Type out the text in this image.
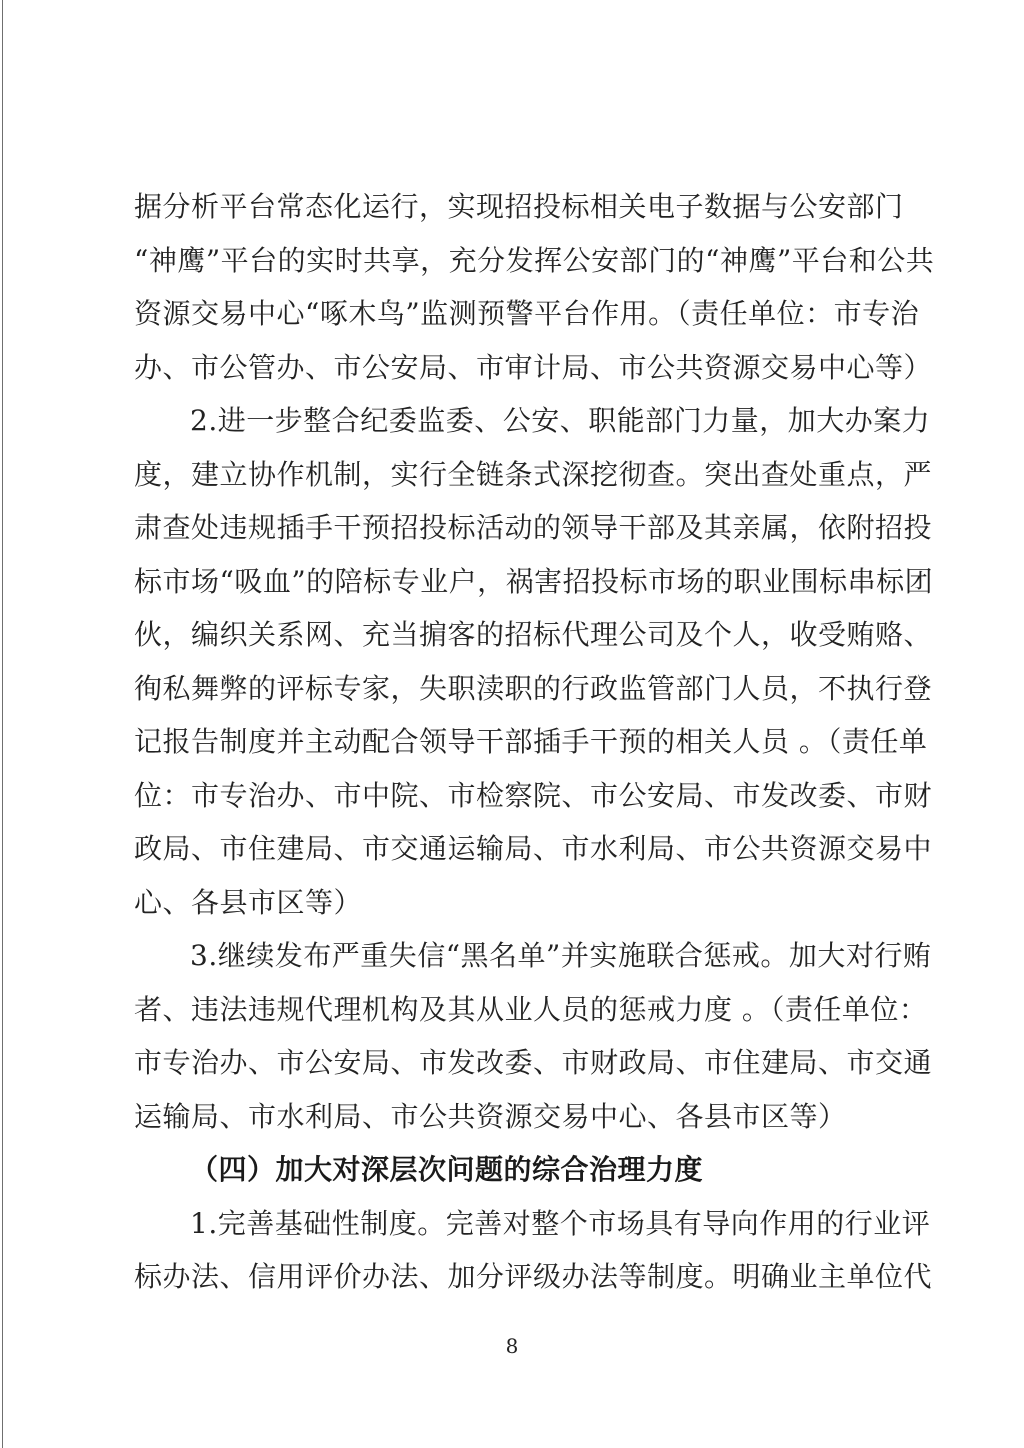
据分析平台常态化运行，实现招投标相关电子数据与公安部门
“神鹰”平台的实时共享，充分发挥公安部门的“神鹰”平台和公共
资源交易中心“啄木鸟”监测预警平台作用。（责任单位：市专治
办、市公管办、市公安局、市审计局、市公共资源交易中心等）
2.进一步整合纪委监委、公安、职能部门力量，加大办案力
度，建立协作机制，实行全链条式深挖彻查。突出查处重点，严
肃查处违规插手干预招投标活动的领导干部及其亲属，依附招投
标市场“吸血”的陪标专业户，祸害招投标市场的职业围标串标团
伙，编织关系网、充当掮客的招标代理公司及个人，收受贿赂、
徇私舞弊的评标专家，失职渎职的行政监管部门人员，不执行登
记报告制度并主动配合领导干部插手干预的相关人员 。（责任单
位：市专治办、市中院、市检察院、市公安局、市发改委、市财
政局、市住建局、市交通运输局、市水利局、市公共资源交易中
心、各县市区等）
3.继续发布严重失信“黑名单”并实施联合惩戒。加大对行贿
者、违法违规代理机构及其从业人员的惩戒力度 。（责任单位：
市专治办、市公安局、市发改委、市财政局、市住建局、市交通
运输局、市水利局、市公共资源交易中心、各县市区等）
（四）加大对深层次问题的综合治理力度
1.完善基础性制度。完善对整个市场具有导向作用的行业评
标办法、信用评价办法、加分评级办法等制度。明确业主单位代
8
